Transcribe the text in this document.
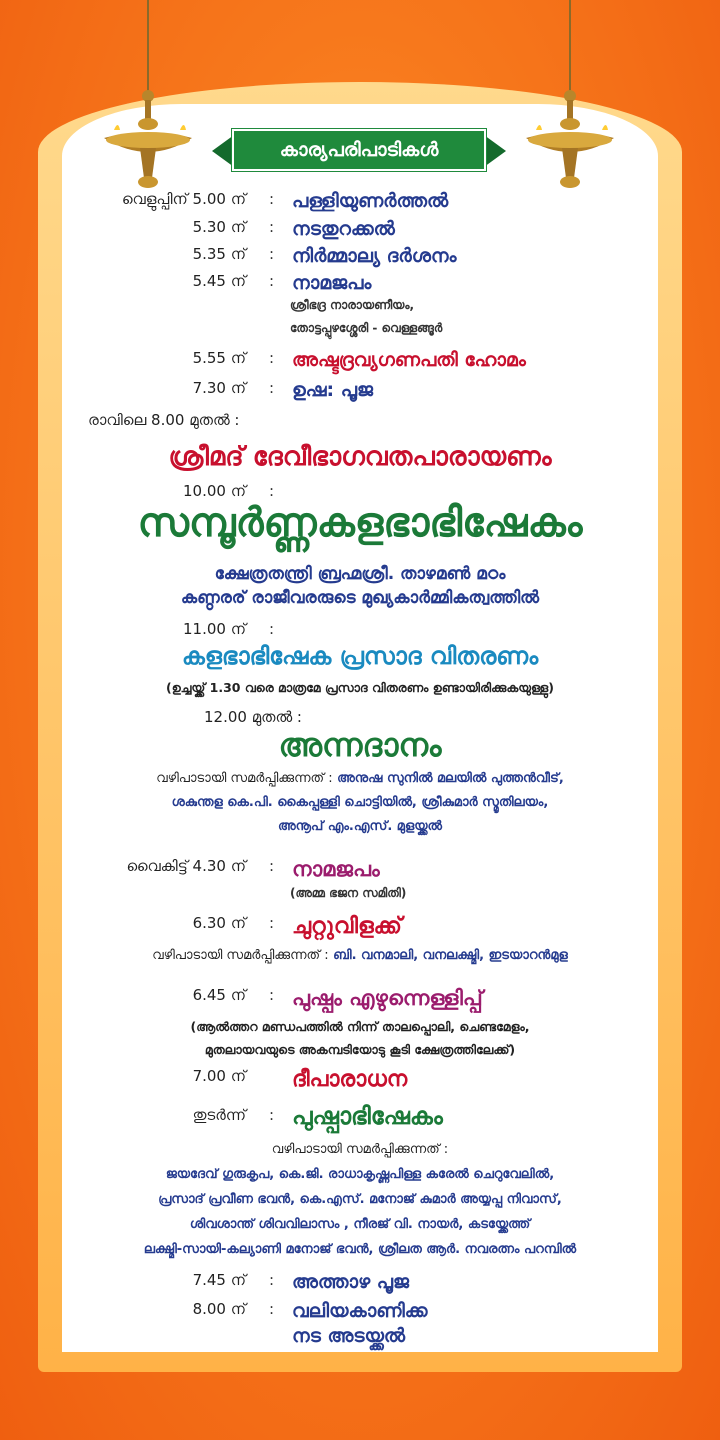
കാര്യപരിപാടികൾ
വെളുപ്പിന് 5.00 ന് : പള്ളിയുണർത്തൽ
5.30 ന് : നടതുറക്കൽ
5.35 ന് : നിർമ്മാല്യ ദർശനം
5.45 ന് : നാമജപം
ശ്രീഭദ്ര നാരായണീയം,
തോട്ടപ്പുഴശ്ശേരി - വെള്ളങ്ങൂർ
5.55 ന് : അഷ്ടദ്രവ്യഗണപതി ഹോമം
7.30 ന് : ഉഷ: പൂജ
രാവിലെ 8.00 മുതൽ :
ശ്രീമദ് ദേവീഭാഗവതപാരായണം
10.00 ന് :
സമ്പൂർണ്ണകളഭാഭിഷേകം
ക്ഷേത്രതന്ത്രി ബ്രഹ്മശ്രീ. താഴമൺ മഠം
കണ്ഠരര് രാജീവരരുടെ മുഖ്യകാർമ്മികത്വത്തിൽ
11.00 ന് :
കളഭാഭിഷേക പ്രസാദ വിതരണം
(ഉച്ചയ്ക്ക് 1.30 വരെ മാത്രമേ പ്രസാദ വിതരണം ഉണ്ടായിരിക്കുകയുള്ളു)
12.00 മുതൽ :
അന്നദാനം
വഴിപാടായി സമർപ്പിക്കുന്നത് : അനുഷ സുനിൽ മലയിൽ പുത്തൻവീട്,
ശകുന്തള കെ.പി. കൈപ്പള്ളി ചൊട്ടിയിൽ, ശ്രീകുമാർ സ്മൃതിലയം,
അനൂപ് എം.എസ്. മുളയ്ക്കൽ
വൈകിട്ട് 4.30 ന് : നാമജപം
(അമ്മ ഭജന സമിതി)
6.30 ന് : ചുറ്റുവിളക്ക്
വഴിപാടായി സമർപ്പിക്കുന്നത് : ബി. വനമാലി, വനലക്ഷ്മി, ഇടയാറൻമുള
6.45 ന് : പുഷ്പം എഴുന്നെള്ളിപ്പ്
(ആൽത്തറ മണ്ഡപത്തിൽ നിന്ന് താലപ്പൊലി, ചെണ്ടമേളം,
മുതലായവയുടെ അകമ്പടിയോടു കൂടി ക്ഷേത്രത്തിലേക്ക്)
7.00 ന് ദീപാരാധന
തുടർന്ന് : പുഷ്പാഭിഷേകം
വഴിപാടായി സമർപ്പിക്കുന്നത് :
ജയദേവ് ഗുരുകൃപ, കെ.ജി. രാധാകൃഷ്ണപിള്ള കരേൽ ചെറുവേലിൽ,
പ്രസാദ് പ്രവീണ ഭവൻ, കെ.എസ്. മനോജ് കുമാർ അയ്യപ്പ നിവാസ്,
ശിവശാന്ത് ശിവവിലാസം , നീരജ് വി. നായർ, കടയ്ക്കേത്ത്
ലക്ഷ്മി-സായി-കല്യാണി മനോജ് ഭവൻ, ശ്രീലത ആർ. നവരത്നം പറമ്പിൽ
7.45 ന് : അത്താഴ പൂജ
8.00 ന് : വലിയകാണിക്ക
നട അടയ്ക്കൽ
